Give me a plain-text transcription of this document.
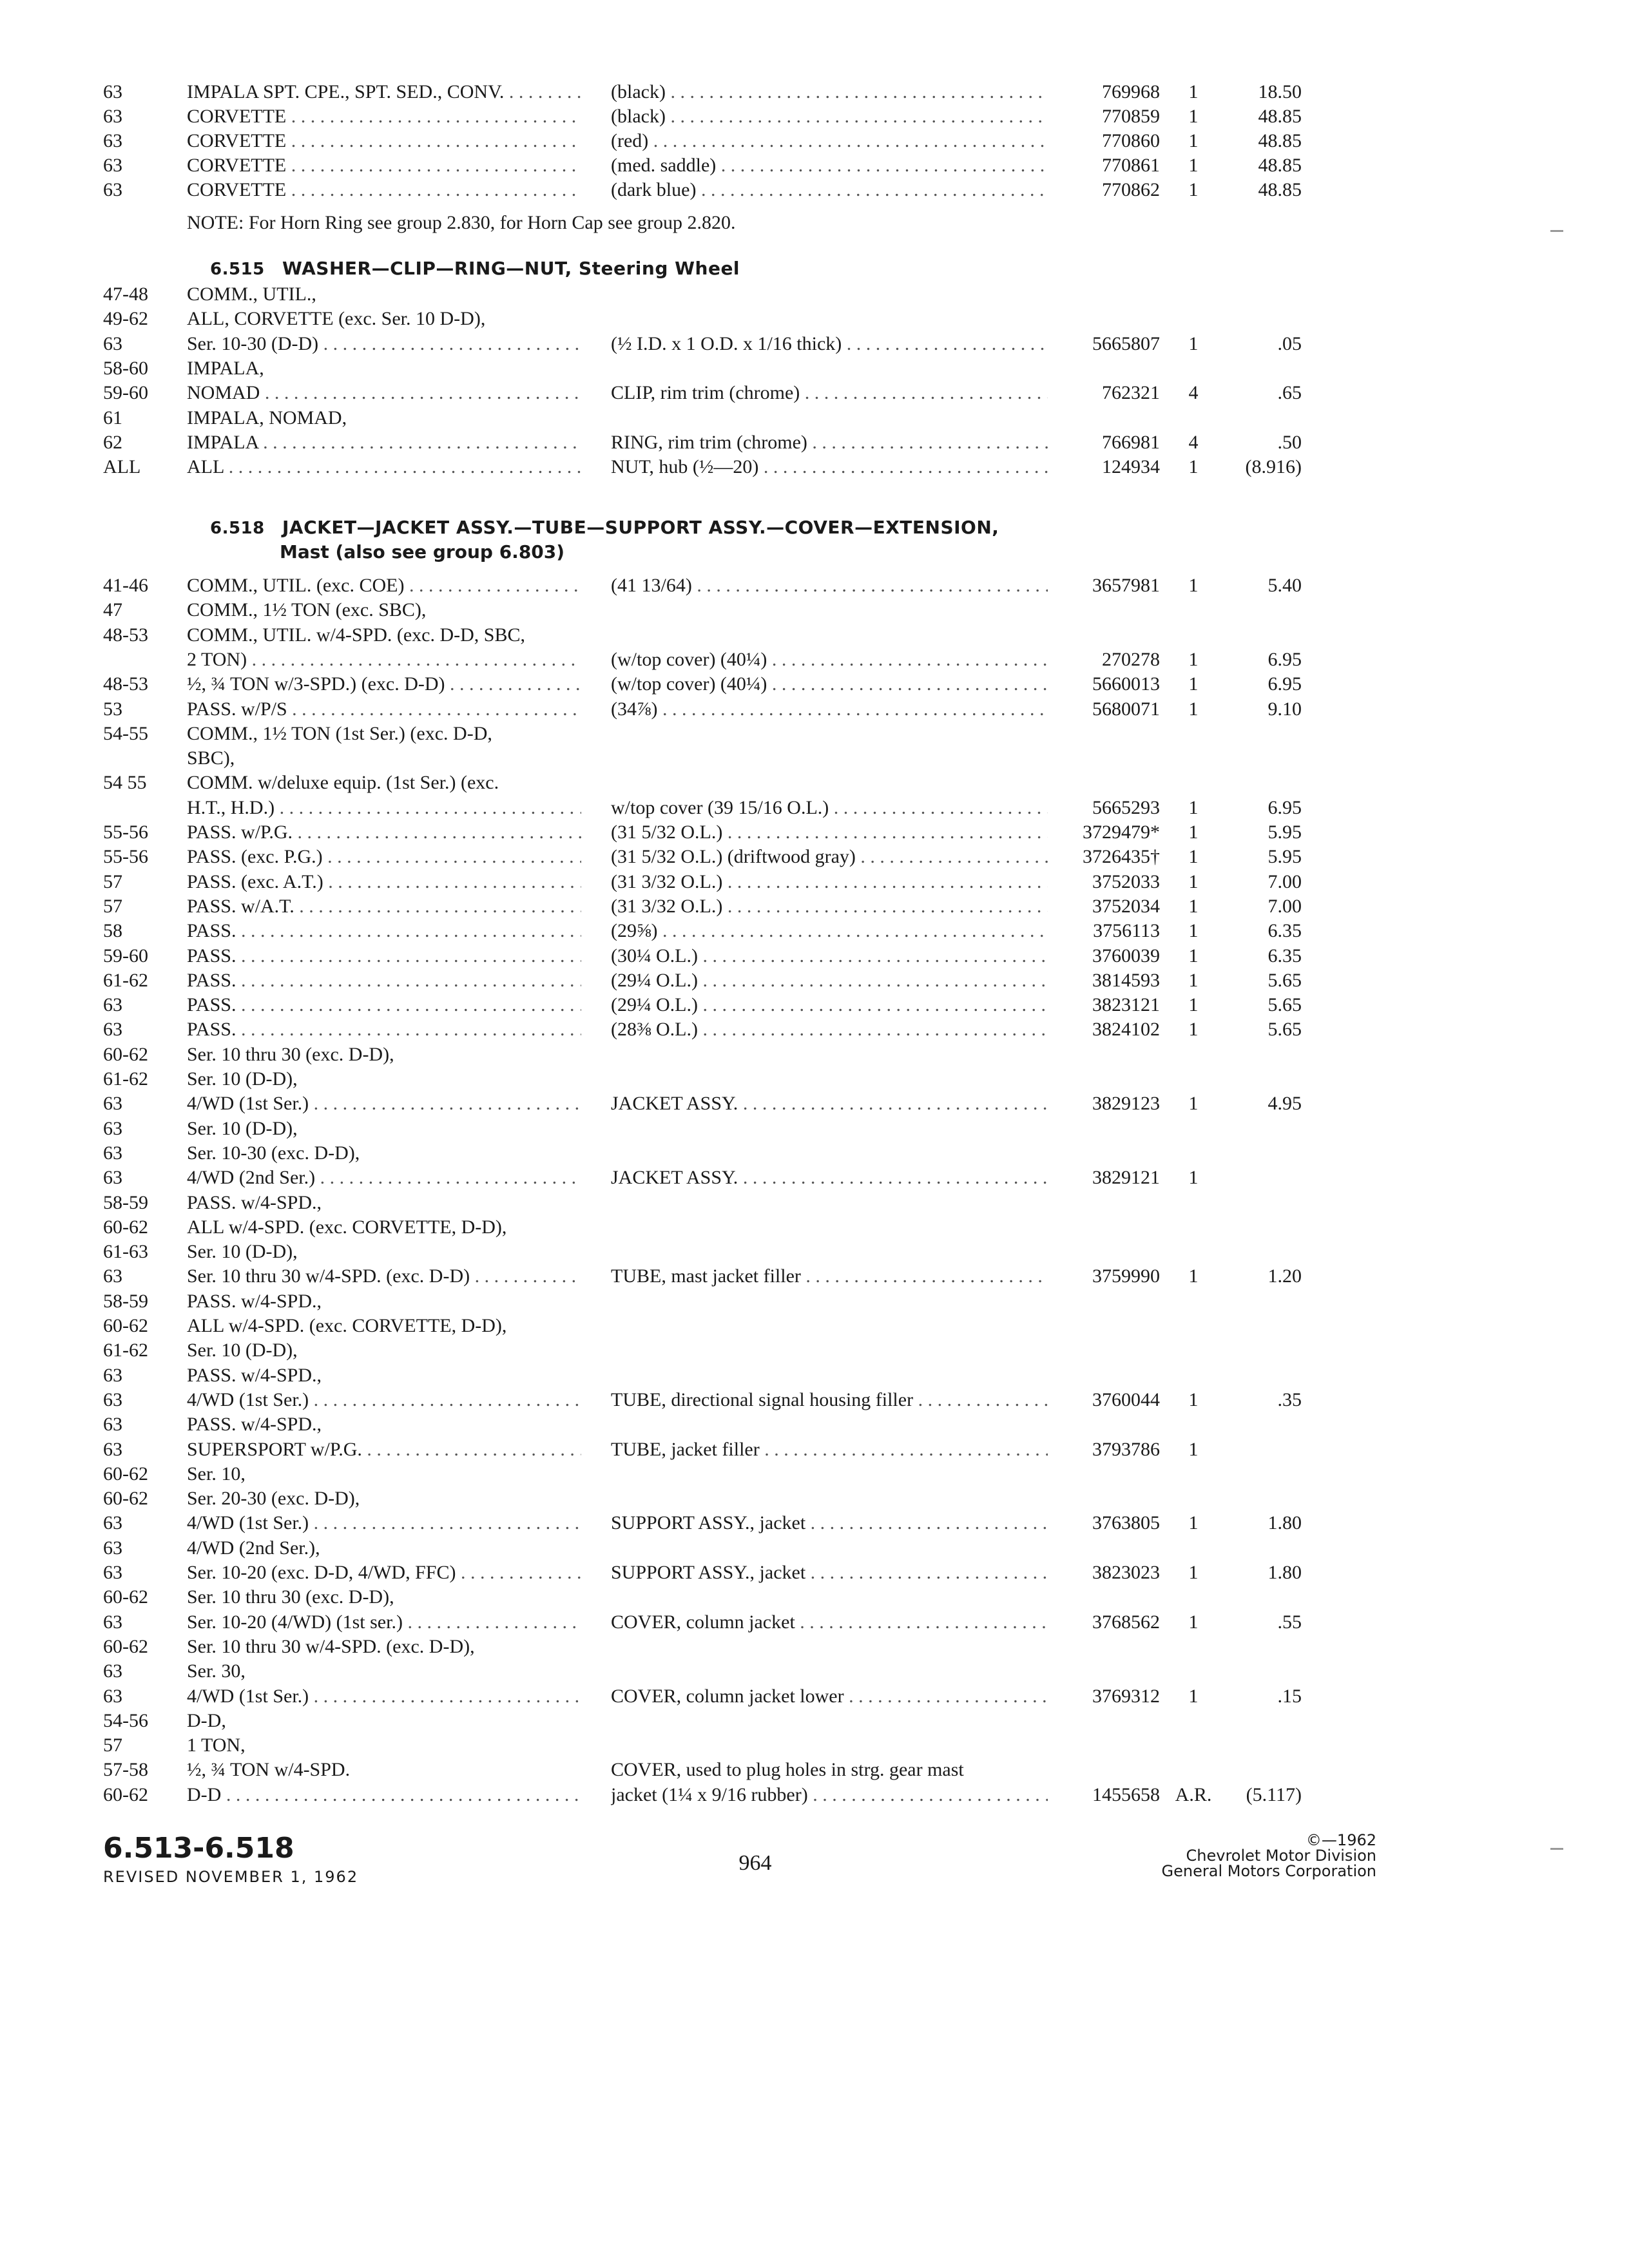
63	IMPALA SPT. CPE., SPT. SED., CONV. . . .	(black) . . .	769968	1	18.50
63	CORVETTE . . .	(black) . . .	770859	1	48.85
63	CORVETTE . . .	(red) . . .	770860	1	48.85
63	CORVETTE . . .	(med. saddle) . . .	770861	1	48.85
63	CORVETTE . . .	(dark blue) . . .	770862	1	48.85
NOTE: For Horn Ring see group 2.830, for Horn Cap see group 2.820.
6.515 WASHER—CLIP—RING—NUT, Steering Wheel
47-48	COMM., UTIL.,
49-62	ALL, CORVETTE (exc. Ser. 10 D-D),
63	Ser. 10-30 (D-D) . . .	(½ I.D. x 1 O.D. x 1/16 thick) . . .	5665807	1	.05
58-60	IMPALA,
59-60	NOMAD . . .	CLIP, rim trim (chrome) . . .	762321	4	.65
61	IMPALA, NOMAD,
62	IMPALA . . .	RING, rim trim (chrome) . . .	766981	4	.50
ALL	ALL . . .	NUT, hub (½—20) . . .	124934	1	(8.916)
6.518 JACKET—JACKET ASSY.—TUBE—SUPPORT ASSY.—COVER—EXTENSION,
Mast (also see group 6.803)
41-46	COMM., UTIL. (exc. COE) . . .	(41 13/64) . . .	3657981	1	5.40
47	COMM., 1½ TON (exc. SBC),
48-53	COMM., UTIL. w/4-SPD. (exc. D-D, SBC,
2 TON) . . .	(w/top cover) (40¼) . . .	270278	1	6.95
48-53	½, ¾ TON w/3-SPD.) (exc. D-D) . . .	(w/top cover) (40¼) . . .	5660013	1	6.95
53	PASS. w/P/S . . .	(34⅞) . . .	5680071	1	9.10
54-55	COMM., 1½ TON (1st Ser.) (exc. D-D,
SBC),
54 55	COMM. w/deluxe equip. (1st Ser.) (exc.
H.T., H.D.) . . .	w/top cover (39 15/16 O.L.) . . .	5665293	1	6.95
55-56	PASS. w/P.G. . . .	(31 5/32 O.L.) . . .	3729479*	1	5.95
55-56	PASS. (exc. P.G.) . . .	(31 5/32 O.L.) (driftwood gray) . . .	3726435†	1	5.95
57	PASS. (exc. A.T.) . . .	(31 3/32 O.L.) . . .	3752033	1	7.00
57	PASS. w/A.T. . . .	(31 3/32 O.L.) . . .	3752034	1	7.00
58	PASS. . . .	(29⅝) . . .	3756113	1	6.35
59-60	PASS. . . .	(30¼ O.L.) . . .	3760039	1	6.35
61-62	PASS. . . .	(29¼ O.L.) . . .	3814593	1	5.65
63	PASS. . . .	(29¼ O.L.) . . .	3823121	1	5.65
63	PASS. . . .	(28⅜ O.L.) . . .	3824102	1	5.65
60-62	Ser. 10 thru 30 (exc. D-D),
61-62	Ser. 10 (D-D),
63	4/WD (1st Ser.) . . .	JACKET ASSY. . . .	3829123	1	4.95
63	Ser. 10 (D-D),
63	Ser. 10-30 (exc. D-D),
63	4/WD (2nd Ser.) . . .	JACKET ASSY. . . .	3829121	1
58-59	PASS. w/4-SPD.,
60-62	ALL w/4-SPD. (exc. CORVETTE, D-D),
61-63	Ser. 10 (D-D),
63	Ser. 10 thru 30 w/4-SPD. (exc. D-D) . . .	TUBE, mast jacket filler . . .	3759990	1	1.20
58-59	PASS. w/4-SPD.,
60-62	ALL w/4-SPD. (exc. CORVETTE, D-D),
61-62	Ser. 10 (D-D),
63	PASS. w/4-SPD.,
63	4/WD (1st Ser.) . . .	TUBE, directional signal housing filler . . .	3760044	1	.35
63	PASS. w/4-SPD.,
63	SUPERSPORT w/P.G. . . .	TUBE, jacket filler . . .	3793786	1
60-62	Ser. 10,
60-62	Ser. 20-30 (exc. D-D),
63	4/WD (1st Ser.) . . .	SUPPORT ASSY., jacket . . .	3763805	1	1.80
63	4/WD (2nd Ser.),
63	Ser. 10-20 (exc. D-D, 4/WD, FFC) . . .	SUPPORT ASSY., jacket . . .	3823023	1	1.80
60-62	Ser. 10 thru 30 (exc. D-D),
63	Ser. 10-20 (4/WD) (1st ser.) . . .	COVER, column jacket . . .	3768562	1	.55
60-62	Ser. 10 thru 30 w/4-SPD. (exc. D-D),
63	Ser. 30,
63	4/WD (1st Ser.) . . .	COVER, column jacket lower . . .	3769312	1	.15
54-56	D-D,
57	1 TON,
57-58	½, ¾ TON w/4-SPD.	COVER, used to plug holes in strg. gear mast
60-62	D-D . . .	jacket (1¼ x 9/16 rubber) . . .	1455658 A.R.	(5.117)
6.513-6.518
REVISED NOVEMBER 1, 1962
964
©—1962
Chevrolet Motor Division
General Motors Corporation
